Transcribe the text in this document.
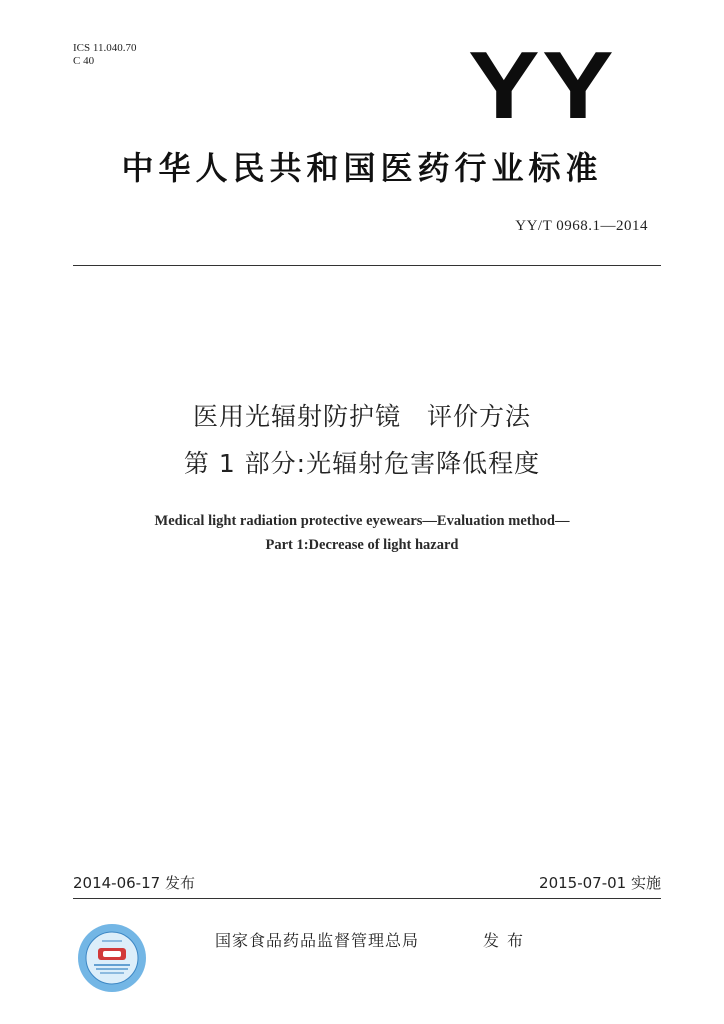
ICS 11.040.70
C 40	YY
中华人民共和国医药行业标准
YY/T 0968.1—2014
医用光辐射防护镜　评价方法
第 1 部分:光辐射危害降低程度
Medical light radiation protective eyewears—Evaluation method—
Part 1:Decrease of light hazard
2014-06-17 发布	2015-07-01 实施
国家食品药品监督管理总局	发布
